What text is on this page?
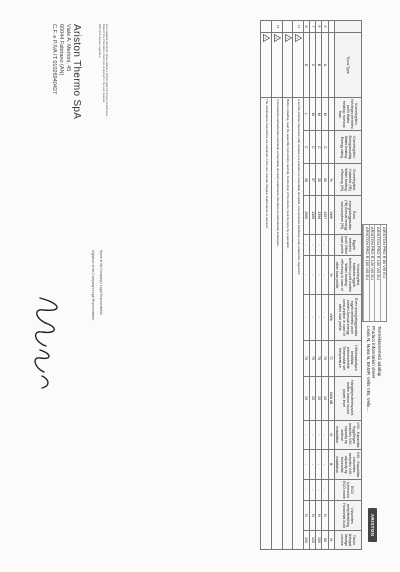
ARISTON
Termékismertető adatlap
Product information sheet
Lexis N, Nova N, BAMP, Velis VBI, Velis…
ARISTON PRO R 80 V/5 EU
ARISTON PRO R 100 V/5 EU
ARISTON PRO R 120 V/5 EU
ARISTON PRO R 150 V/5 EU
	Típus Type	Vízmelegítési: Névleges terhelési profil Water heating: nominal load	Vízmelegítési: Energiaosztály Water heating: Energy rating	Vízmelegítési: Hatásfok (*B) Water heating: efficiency (*B)	Éves energiafogyasztás (*B) Annual energy consumption (*B)	Egyéb terhelési profil Other load profile	Vízmelegítési: hatásfok egyéb terhelési profil esetén Water heating: efficiency in case of other load profile	Éves energiafogyasztás egyéb terhelési profil esetén Annual energy consumption in case of other load profile	Hőfokszabályzó beállítási hőmérséklete Thermostat set temperature	Hangteljesítményszint, beltéri Indoor sound power level	V40 - Kapacitás függőleges beépítés V40 - capacity by vertical installation	V40 - Kapacitás vízszintes beépítés V40 - capacity by horizontal installation	ECO üzemmód ECO mode	Vízszintes beépíthetőség Horizontal build	Tároló térfogat Storage volume
				%	kWh		%	kWh	°C	LWA dB	lit.	lit.			lit.
5	A	M	C	35	1397	-	-	-	70	15	-	-	-	N	80
6	B	M	C	35	1398	-	-	-	70	15	-	-	-	N	100
7	C	M	C	37	1389	-	-	-	70	15	-	-	-	N	120
8	D	L	C	38	2660	-	-	-	70	15	-	-	-	N	150
13	!	A termék üzembe helyezése előtt olvassa el a szerelési és használati útmutatót. A berendezés bekötését csak szakember végezheti.													

!	Before installing, read the assembly instructions carefully. Connection of the device must be done by a specialist.													
14	!	A berendezés karbantartási utasításait a használati útmutató tartalmazza. Rendszeres karbantartás szükséges.													

!	The maintenance instructions are contained in the user manual. Regular maintenance is required.													
Ezen adatlap tartalmát, illetve adatait a felhasználói kézikönyv tartalmazza.
Data of this information sheet are contained in the user manual.
Official Company signature
Name of the Company's Legal Representative
Signature of the Company's Legal Representative
Ariston Thermo SpA
Viale A. Merloni, 45
60044 Fabriano (AN)
C.F. e P.IVA IT 01026940427
